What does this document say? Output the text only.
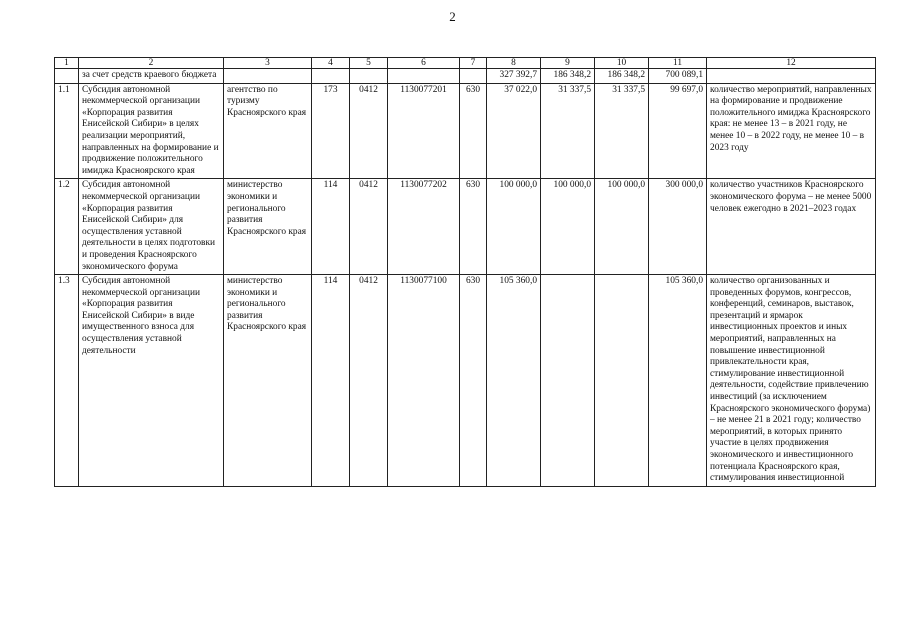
2
1	2	3	4	5	6	7	8	9	10	11	12
	за счет средств краевого бюджета						327 392,7	186 348,2	186 348,2	700 089,1	
1.1	Субсидия автономной некоммерческой организации «Корпорация развития Енисейской Сибири» в целях реализации мероприятий, направленных на формирование и продвижение положительного имиджа Красноярского края	агентство по туризму Красноярского края	173	0412	1130077201	630	37 022,0	31 337,5	31 337,5	99 697,0	количество мероприятий, направленных на формирование и продвижение положительного имиджа Красноярского края: не менее 13 – в 2021 году, не менее 10 – в 2022 году, не менее 10 – в 2023 году
1.2	Субсидия автономной некоммерческой организации «Корпорация развития Енисейской Сибири» для осуществления уставной деятельности в целях подготовки и проведения Красноярского экономического форума	министерство экономики и регионального развития Красноярского края	114	0412	1130077202	630	100 000,0	100 000,0	100 000,0	300 000,0	количество участников Красноярского экономического форума – не менее 5000 человек ежегодно в 2021–2023 годах
1.3	Субсидия автономной некоммерческой организации «Корпорация развития Енисейской Сибири» в виде имущественного взноса для осуществления уставной деятельности	министерство экономики и регионального развития Красноярского края	114	0412	1130077100	630	105 360,0			105 360,0	количество организованных и проведенных форумов, конгрессов, конференций, семинаров, выставок, презентаций и ярмарок инвестиционных проектов и иных мероприятий, направленных на повышение инвестиционной привлекательности края, стимулирование инвестиционной деятельности, содействие привлечению инвестиций (за исключением Красноярского экономического форума) – не менее 21 в 2021 году; количество мероприятий, в которых принято участие в целях продвижения экономического и инвестиционного потенциала Красноярского края, стимулирования инвестиционной
